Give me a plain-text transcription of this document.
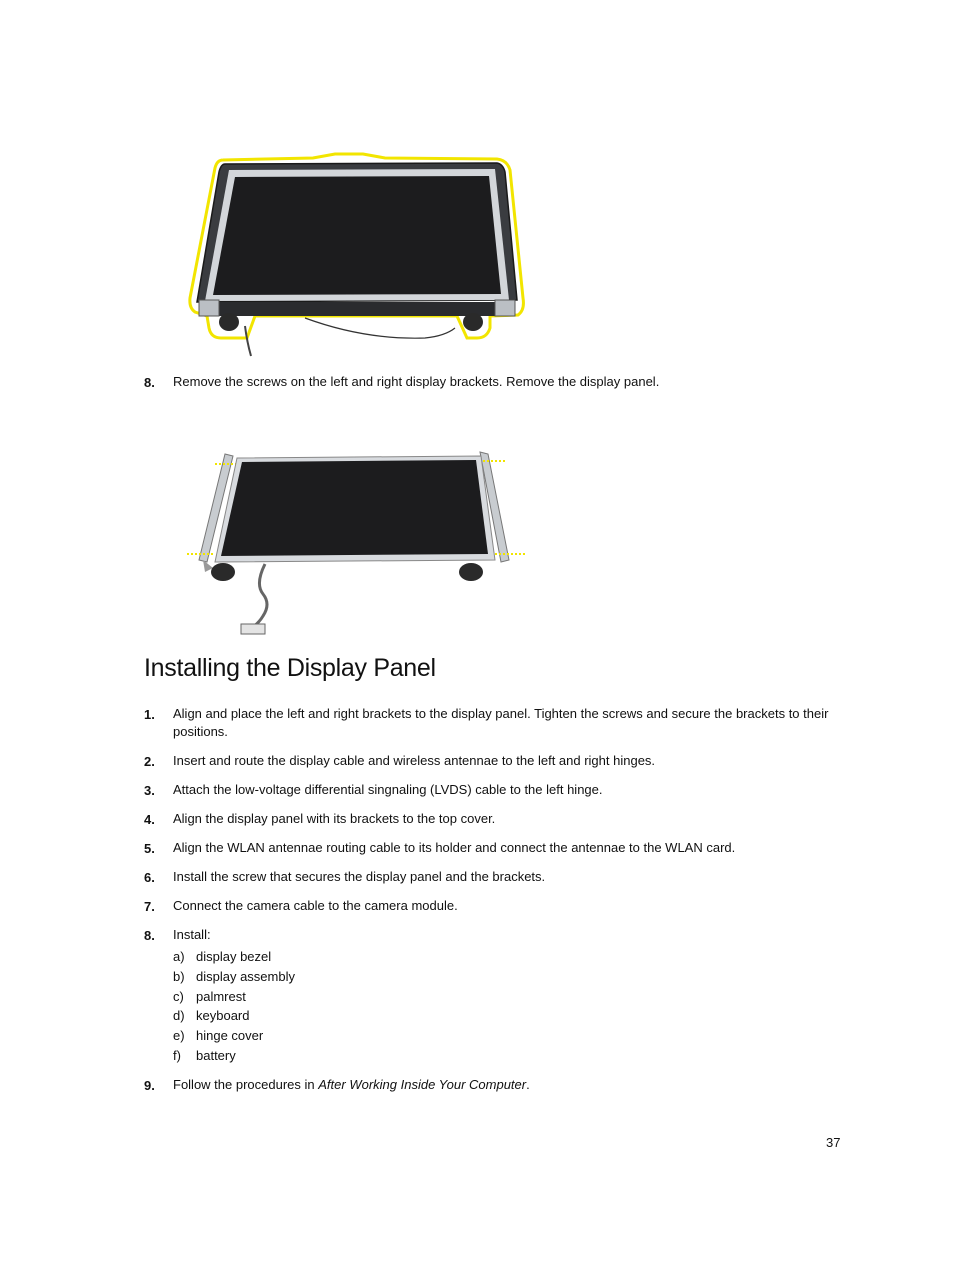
8. Remove the screws on the left and right display brackets. Remove the display panel.
Installing the Display Panel
1. Align and place the left and right brackets to the display panel. Tighten the screws and secure the brackets to their positions.
2. Insert and route the display cable and wireless antennae to the left and right hinges.
3. Attach the low-voltage differential singnaling (LVDS) cable to the left hinge.
4. Align the display panel with its brackets to the top cover.
5. Align the WLAN antennae routing cable to its holder and connect the antennae to the WLAN card.
6. Install the screw that secures the display panel and the brackets.
7. Connect the camera cable to the camera module.
8. Install:
a) display bezel
b) display assembly
c) palmrest
d) keyboard
e) hinge cover
f) battery
9. Follow the procedures in After Working Inside Your Computer.
37
